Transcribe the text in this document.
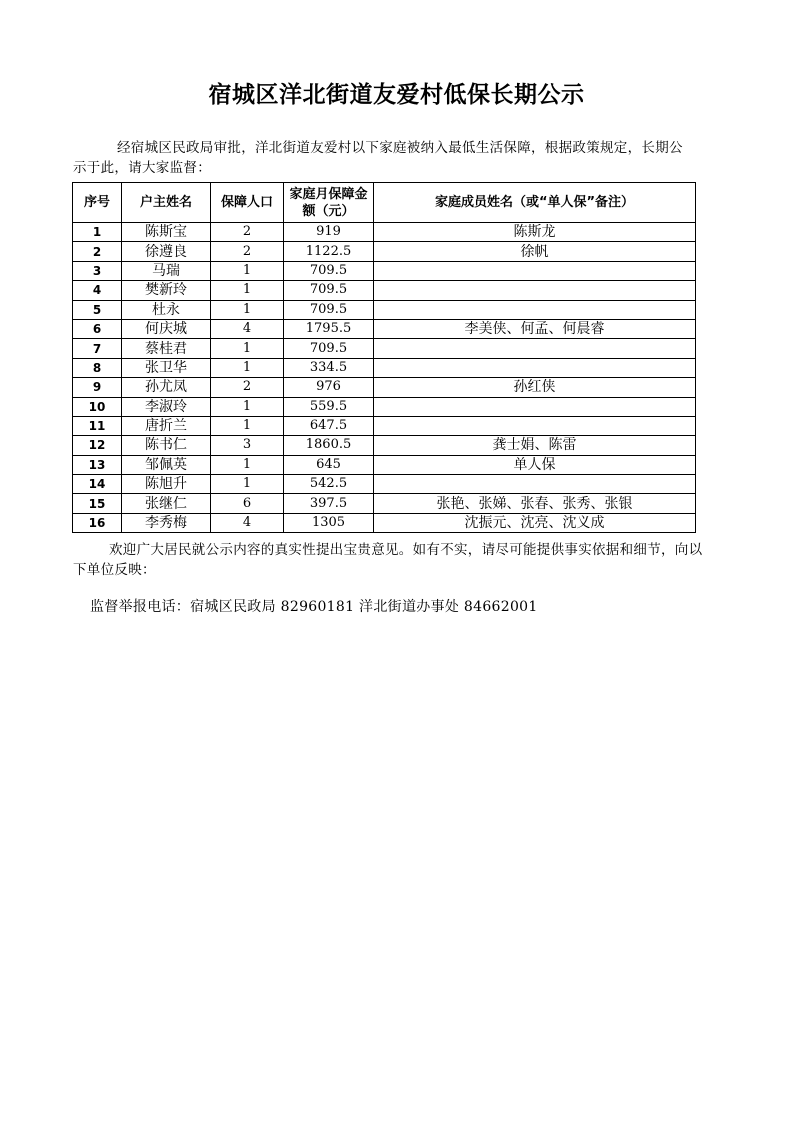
宿城区洋北街道友爱村低保长期公示

经宿城区民政局审批，洋北街道友爱村以下家庭被纳入最低生活保障，根据政策规定，长期公示于此，请大家监督：

序号	户主姓名	保障人口	家庭月保障金额（元）	家庭成员姓名（或“单人保”备注）
1	陈斯宝	2	919	陈斯龙
2	徐遵良	2	1122.5	徐帆
3	马瑞	1	709.5	
4	樊新玲	1	709.5	
5	杜永	1	709.5	
6	何庆城	4	1795.5	李美侠、何孟、何晨睿
7	蔡桂君	1	709.5	
8	张卫华	1	334.5	
9	孙尤凤	2	976	孙红侠
10	李淑玲	1	559.5	
11	唐折兰	1	647.5	
12	陈书仁	3	1860.5	龚士娟、陈雷
13	邹佩英	1	645	单人保
14	陈旭升	1	542.5	
15	张继仁	6	397.5	张艳、张娣、张春、张秀、张银
16	李秀梅	4	1305	沈振元、沈亮、沈义成

欢迎广大居民就公示内容的真实性提出宝贵意见。如有不实，请尽可能提供事实依据和细节，向以下单位反映：

监督举报电话：宿城区民政局 82960181 洋北街道办事处 84662001
